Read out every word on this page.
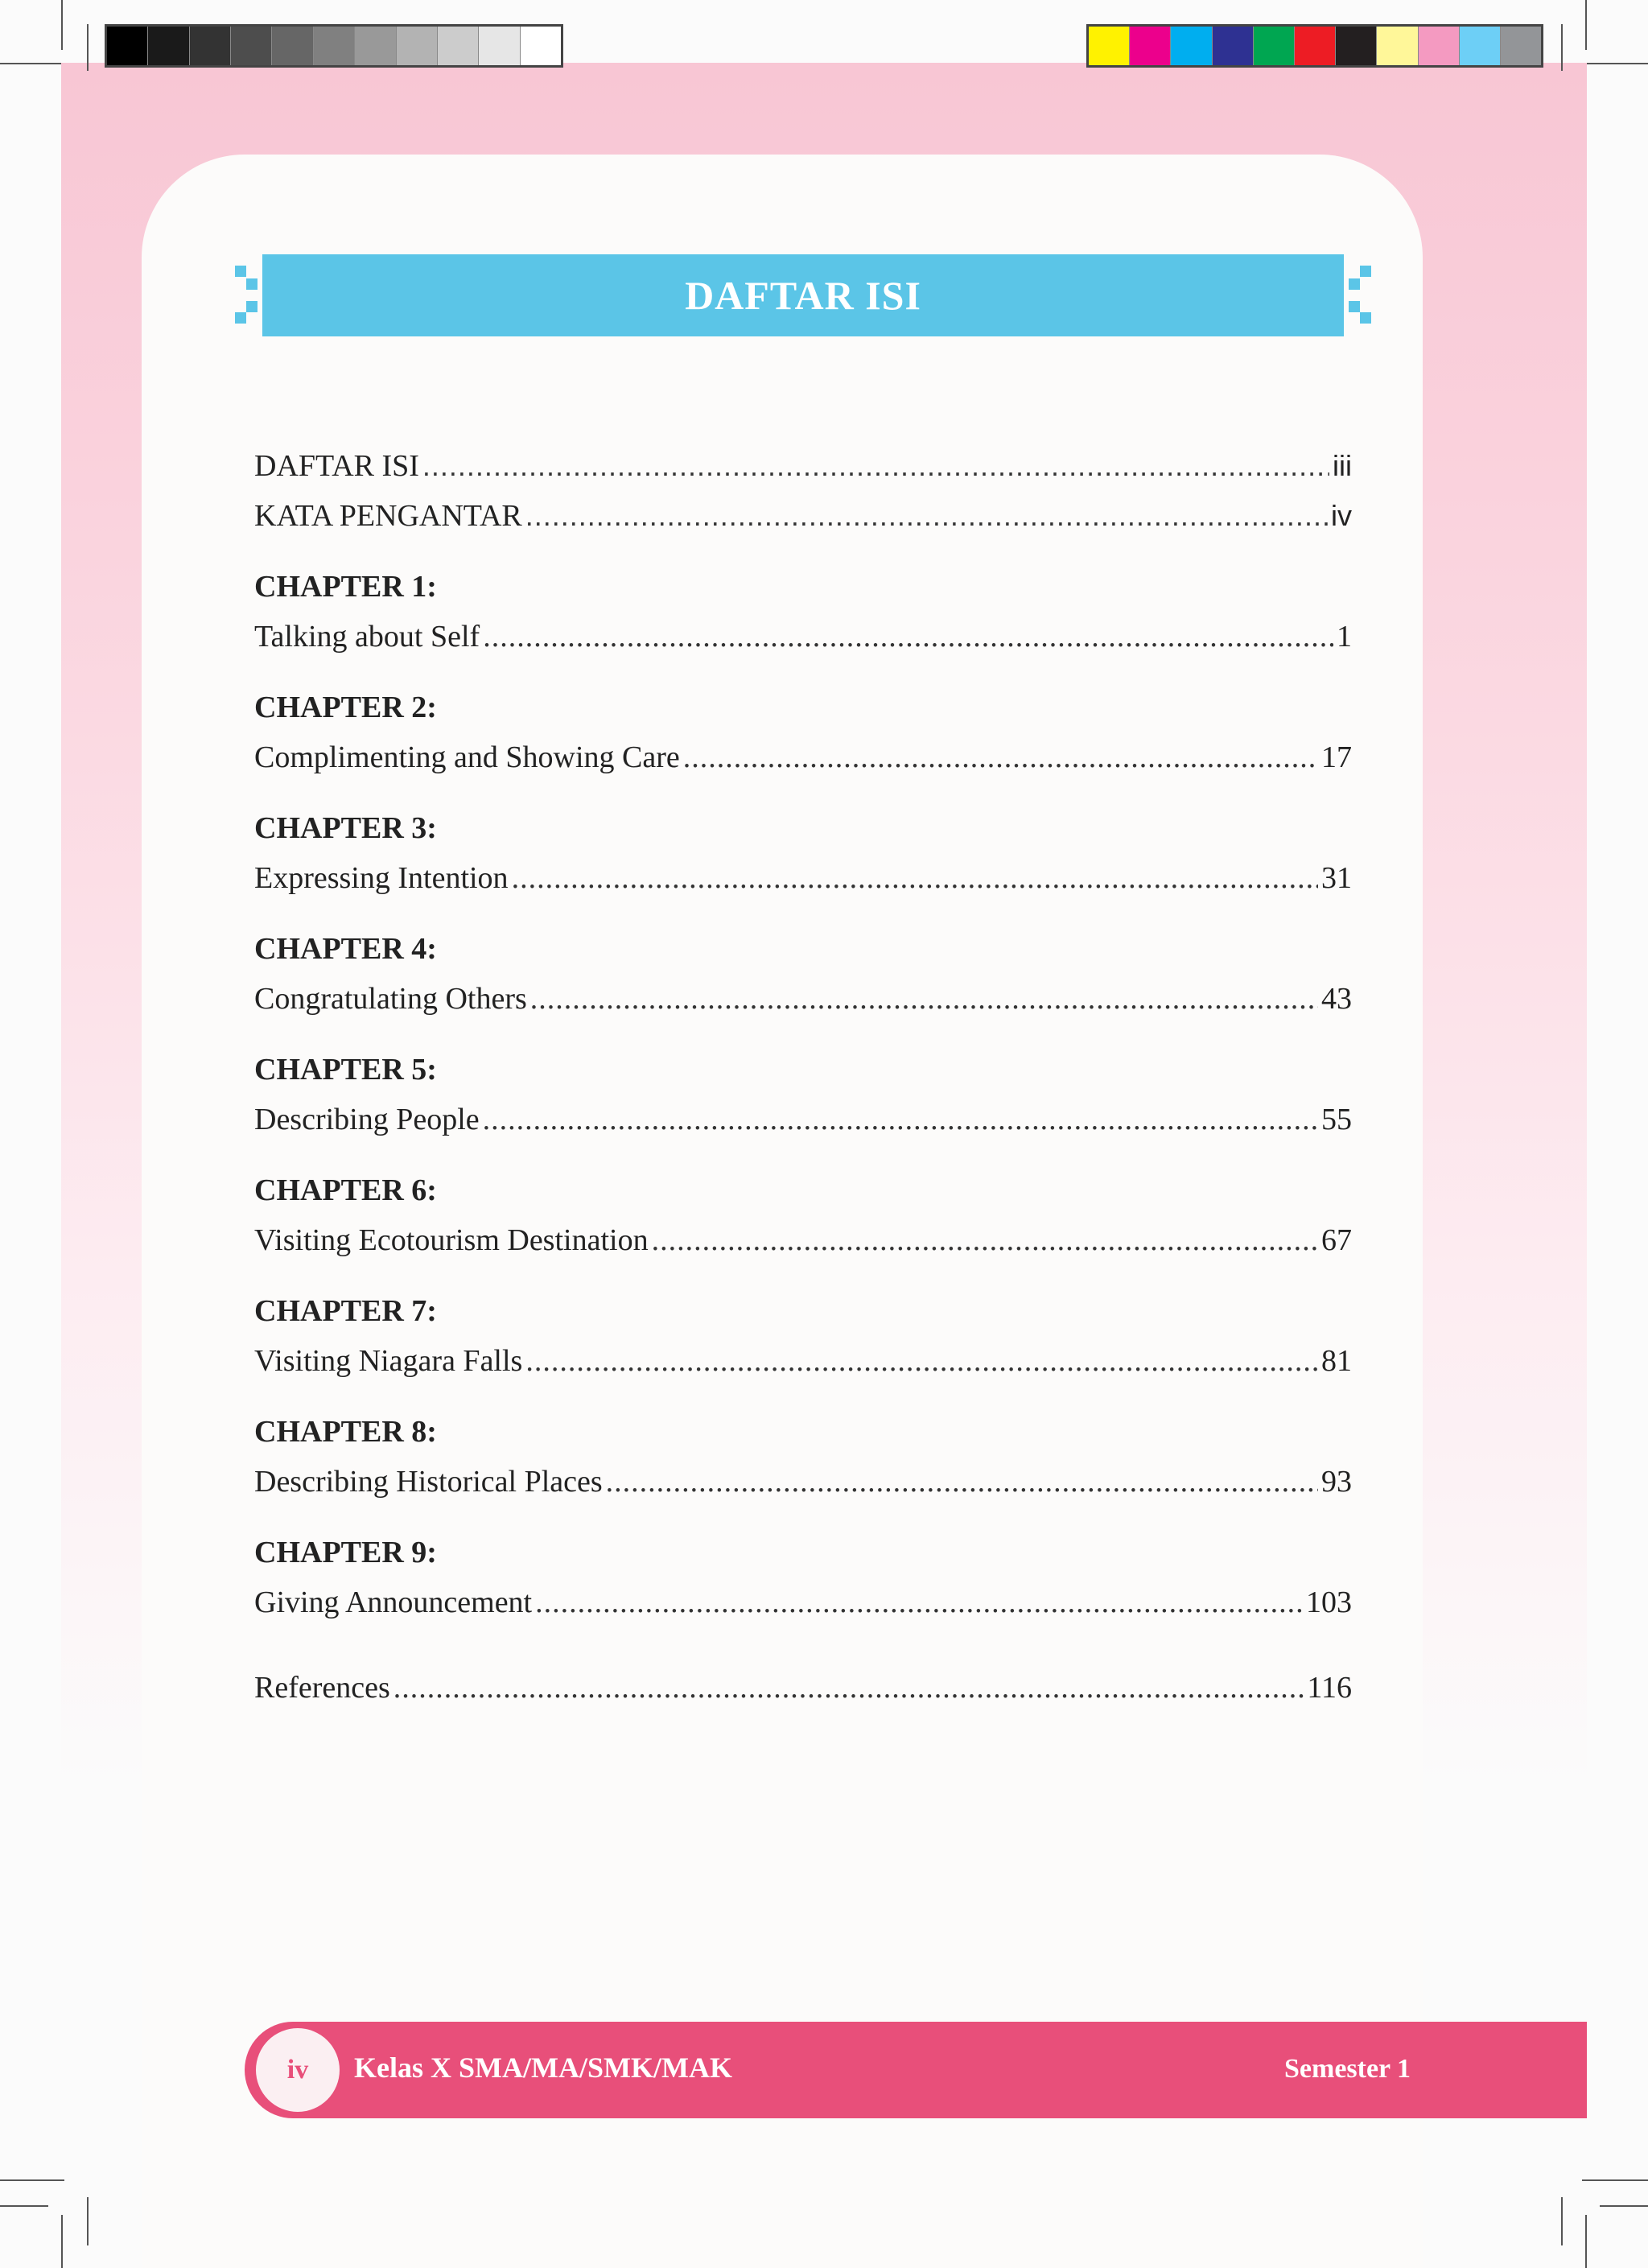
DAFTAR ISI
DAFTAR ISI .....	iii
KATA PENGANTAR .....	iv
CHAPTER 1:
Talking about Self .....	1
CHAPTER 2:
Complimenting and Showing Care .....	17
CHAPTER 3:
Expressing Intention .....	31
CHAPTER 4:
Congratulating Others .....	43
CHAPTER 5:
Describing People .....	55
CHAPTER 6:
Visiting Ecotourism Destination .....	67
CHAPTER 7:
Visiting Niagara Falls .....	81
CHAPTER 8:
Describing Historical Places .....	93
CHAPTER 9:
Giving Announcement .....	103
References .....	116
iv Kelas X SMA/MA/SMK/MAK	Semester 1
